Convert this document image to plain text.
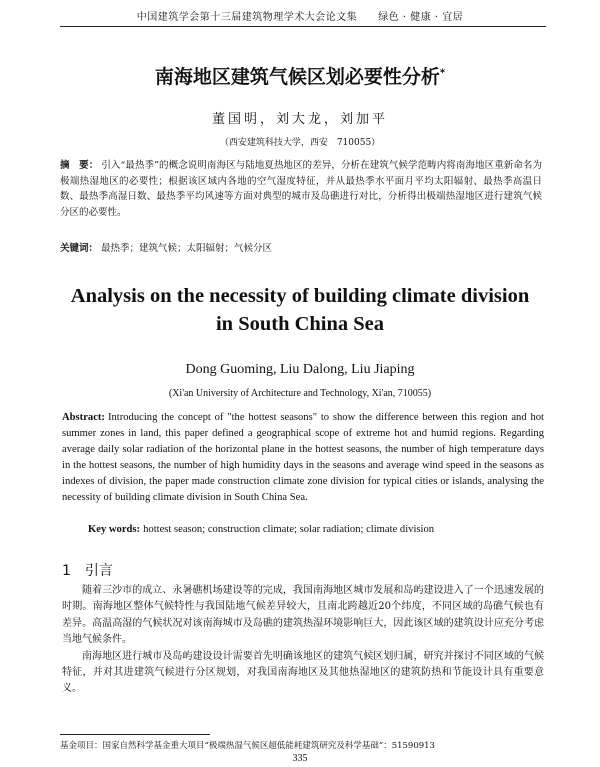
中国建筑学会第十三届建筑物理学术大会论文集　　绿色 · 健康 · 宜居
南海地区建筑气候区划必要性分析*
董国明，刘大龙，刘加平
（西安建筑科技大学，西安　710055）
摘　要： 引入“最热季”的概念说明南海区与陆地夏热地区的差异，分析在建筑气候学范畴内将南海地区重新命名为极端热湿地区的必要性；根据该区域内各地的空气湿度特征，并从最热季水平面月平均太阳辐射、最热季高温日数、最热季高湿日数、最热季平均风速等方面对典型的城市及岛礁进行对比，分析得出极端热湿地区进行建筑气候分区的必要性。
关键词： 最热季；建筑气候；太阳辐射；气候分区
Analysis on the necessity of building climate division in South China Sea
Dong Guoming, Liu Dalong, Liu Jiaping
(Xi'an University of Architecture and Technology, Xi'an, 710055)
Abstract: Introducing the concept of "the hottest seasons" to show the difference between this region and hot summer zones in land, this paper defined a geographical scope of extreme hot and humid regions. Regarding average daily solar radiation of the horizontal plane in the hottest seasons, the number of high temperature days in the hottest seasons, the number of high humidity days in the seasons and average wind speed in the seasons as indexes of division, the paper made construction climate zone division for typical cities or islands, analysing the necessity of building climate division in South China Sea.
Key words: hottest season; construction climate; solar radiation; climate division
1 引言

随着三沙市的成立、永暑礁机场建设等的完成，我国南海地区城市发展和岛屿建设进入了一个迅速发展的时期。南海地区整体气候特性与我国陆地气候差异较大，且南北跨越近20个纬度，不同区域的岛礁气候也有差异。高温高湿的气候状况对该南海城市及岛礁的建筑热湿环境影响巨大，因此该区域的建筑设计应充分考虑当地气候条件。

南海地区进行城市及岛屿建设设计需要首先明确该地区的建筑气候区划归属，研究并探讨不同区域的气候特征，并对其进建筑气候进行分区规划，对我国南海地区及其他热湿地区的建筑防热和节能设计具有重要意义。

基金项目：国家自然科学基金重大项目“极端热湿气候区超低能耗建筑研究及科学基础”：51590913
335
